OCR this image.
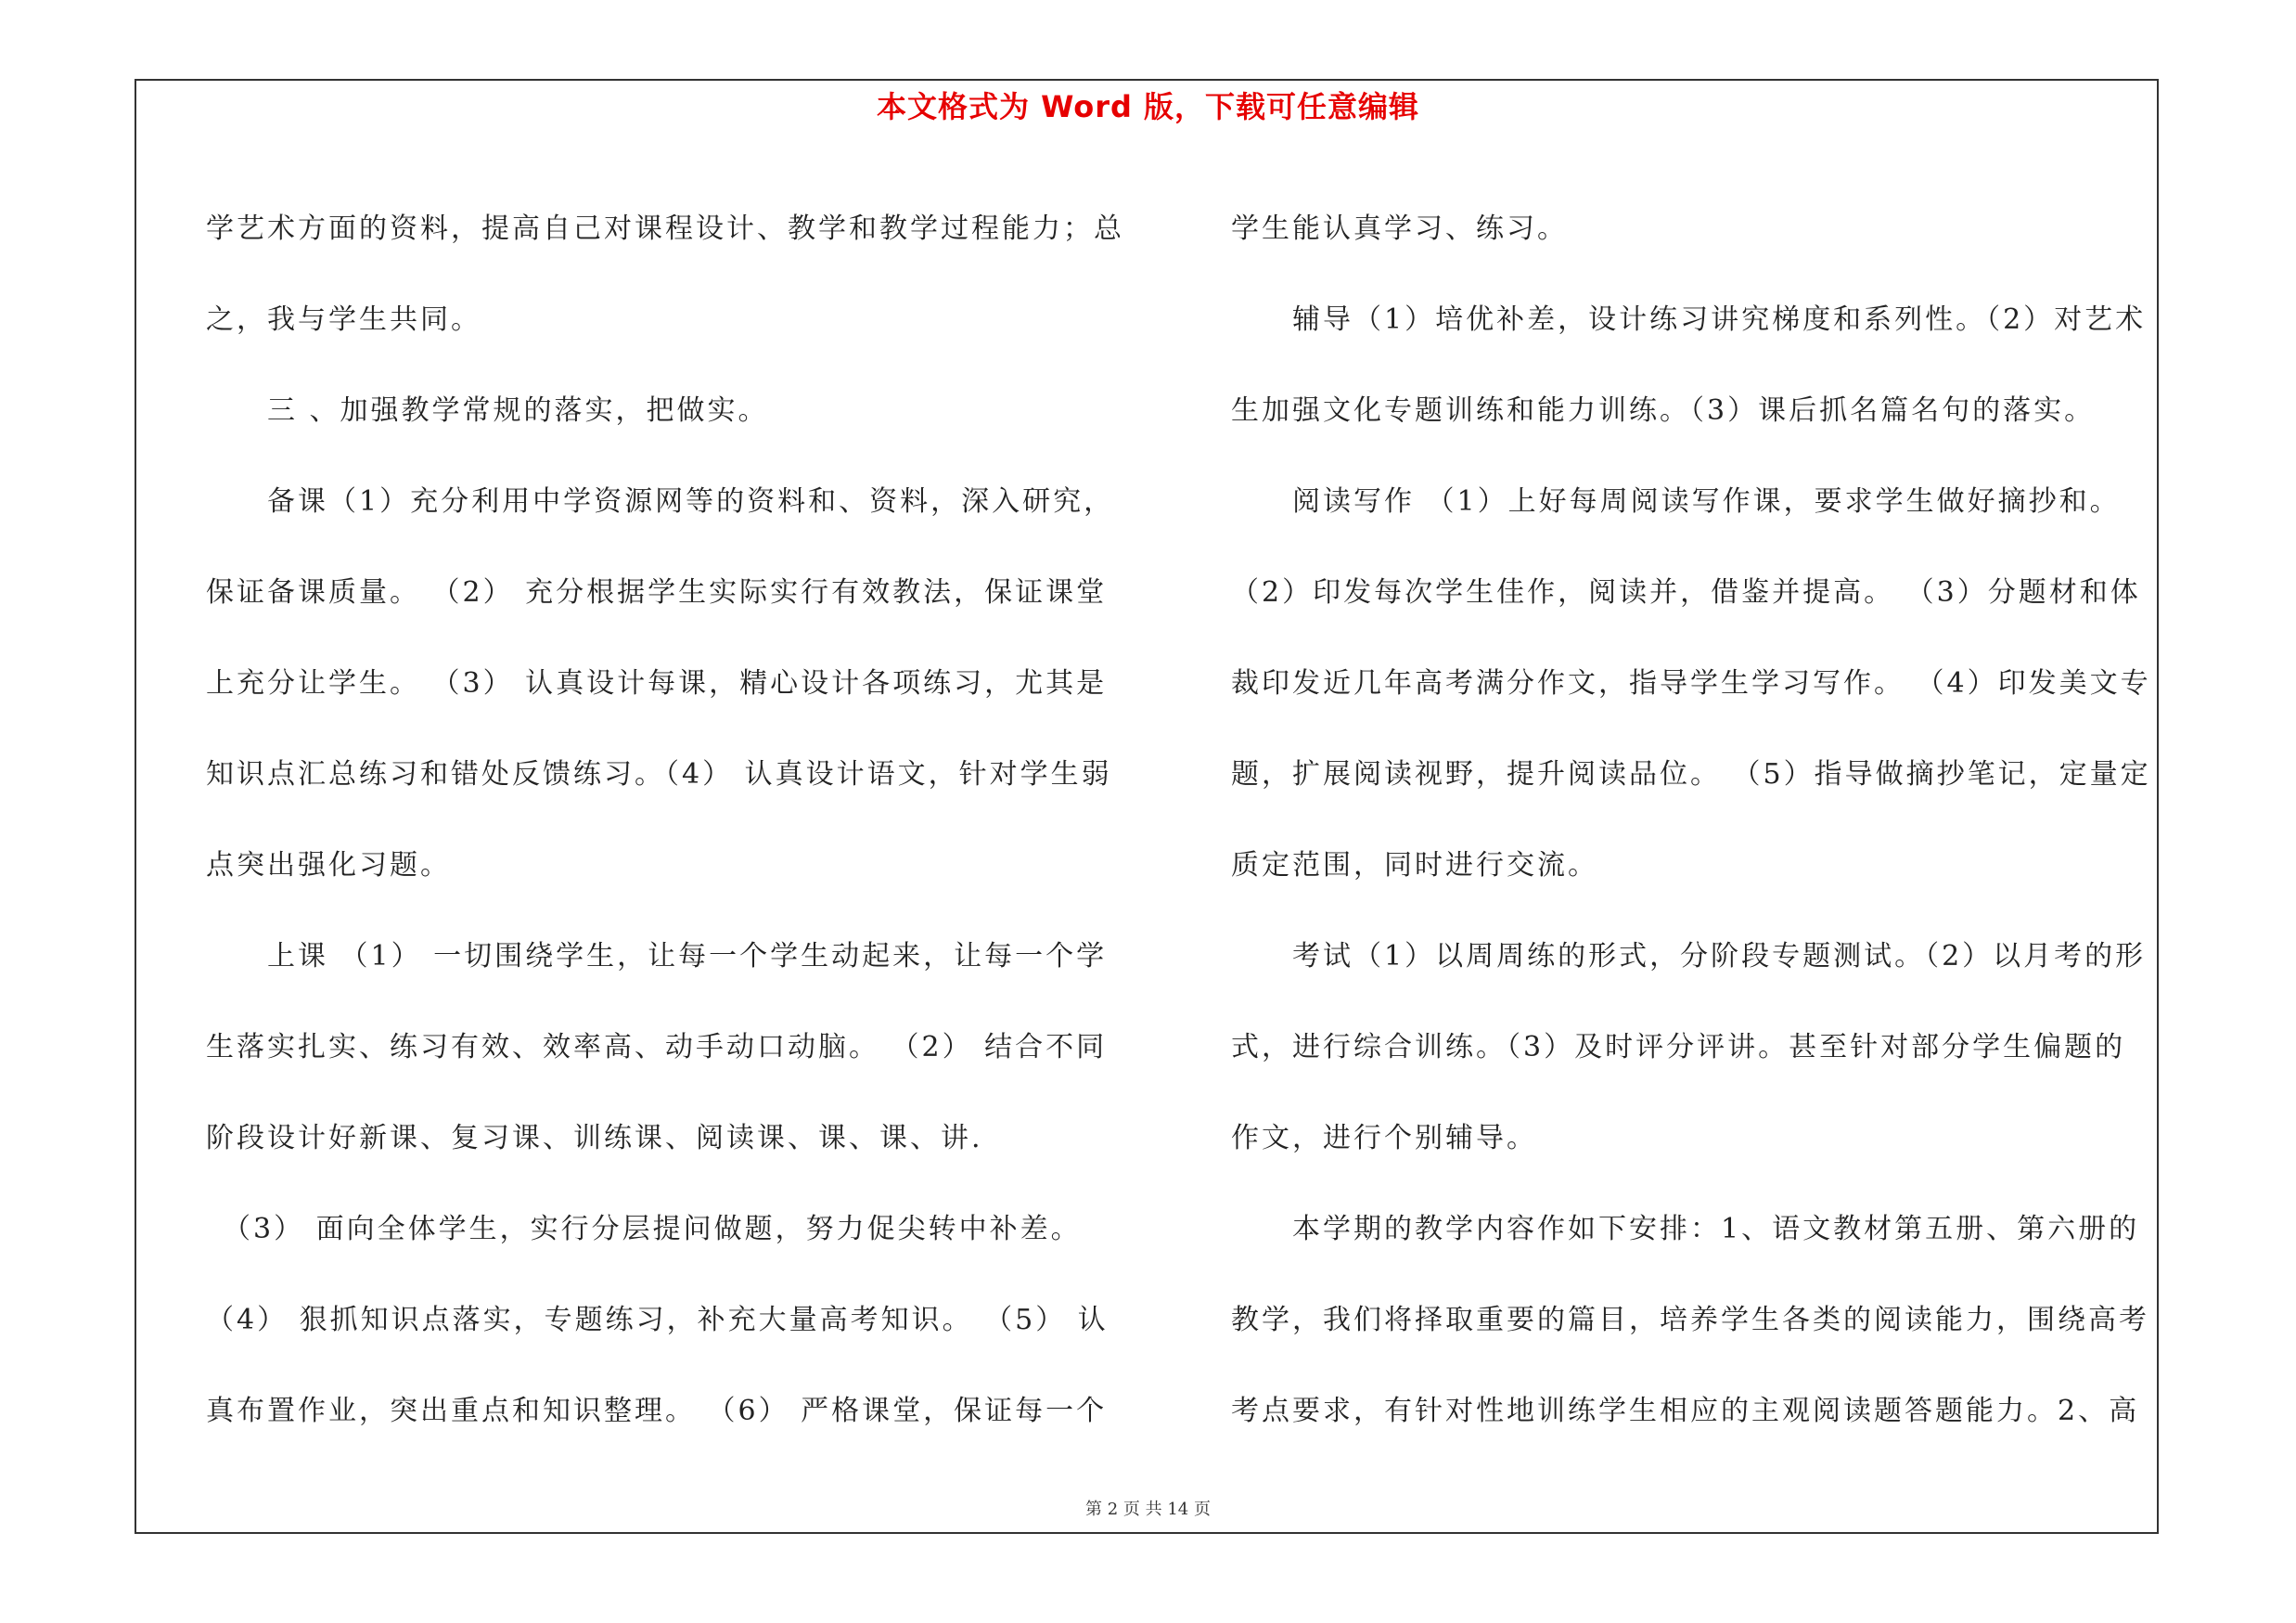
本文格式为 Word 版，下载可任意编辑
学艺术方面的资料，提高自己对课程设计、教学和教学过程能力；总
之，我与学生共同。
　　三 、加强教学常规的落实，把做实。
　　备课（1）充分利用中学资源网等的资料和、资料，深入研究，
保证备课质量。 （2） 充分根据学生实际实行有效教法，保证课堂
上充分让学生。 （3） 认真设计每课，精心设计各项练习，尤其是
知识点汇总练习和错处反馈练习。（4） 认真设计语文，针对学生弱
点突出强化习题。
　　上课 （1） 一切围绕学生，让每一个学生动起来，让每一个学
生落实扎实、练习有效、效率高、动手动口动脑。 （2） 结合不同
阶段设计好新课、复习课、训练课、阅读课、课、课、讲.
　（3） 面向全体学生，实行分层提问做题，努力促尖转中补差。
（4） 狠抓知识点落实，专题练习，补充大量高考知识。 （5） 认
真布置作业，突出重点和知识整理。 （6） 严格课堂，保证每一个
学生能认真学习、练习。
　　辅导（1）培优补差，设计练习讲究梯度和系列性。（2）对艺术
生加强文化专题训练和能力训练。（3）课后抓名篇名句的落实。
　　阅读写作 （1）上好每周阅读写作课，要求学生做好摘抄和。
（2）印发每次学生佳作，阅读并，借鉴并提高。 （3）分题材和体
裁印发近几年高考满分作文，指导学生学习写作。 （4）印发美文专
题，扩展阅读视野，提升阅读品位。 （5）指导做摘抄笔记，定量定
质定范围，同时进行交流。
　　考试（1）以周周练的形式，分阶段专题测试。（2）以月考的形
式，进行综合训练。（3）及时评分评讲。甚至针对部分学生偏题的
作文，进行个别辅导。
　　本学期的教学内容作如下安排：1、语文教材第五册、第六册的
教学，我们将择取重要的篇目，培养学生各类的阅读能力，围绕高考
考点要求，有针对性地训练学生相应的主观阅读题答题能力。2、高
第 2 页 共 14 页
